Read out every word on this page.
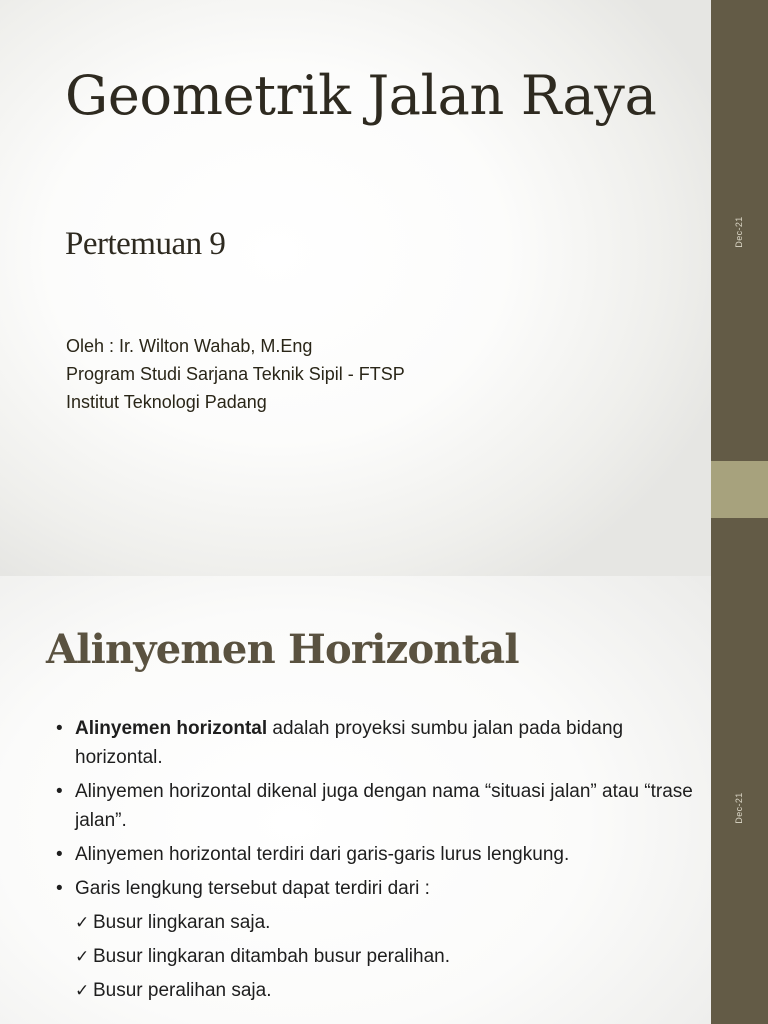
Geometrik Jalan Raya
Pertemuan 9
Oleh : Ir. Wilton Wahab, M.Eng
Program Studi Sarjana Teknik Sipil - FTSP
Institut Teknologi Padang
Dec-21
Alinyemen Horizontal
• Alinyemen horizontal adalah proyeksi sumbu jalan pada bidang horizontal.
• Alinyemen horizontal dikenal juga dengan nama “situasi jalan” atau “trase jalan”.
• Alinyemen horizontal terdiri dari garis-garis lurus lengkung.
• Garis lengkung tersebut dapat terdiri dari :
✓ Busur lingkaran saja.
✓ Busur lingkaran ditambah busur peralihan.
✓ Busur peralihan saja.
Dec-21
